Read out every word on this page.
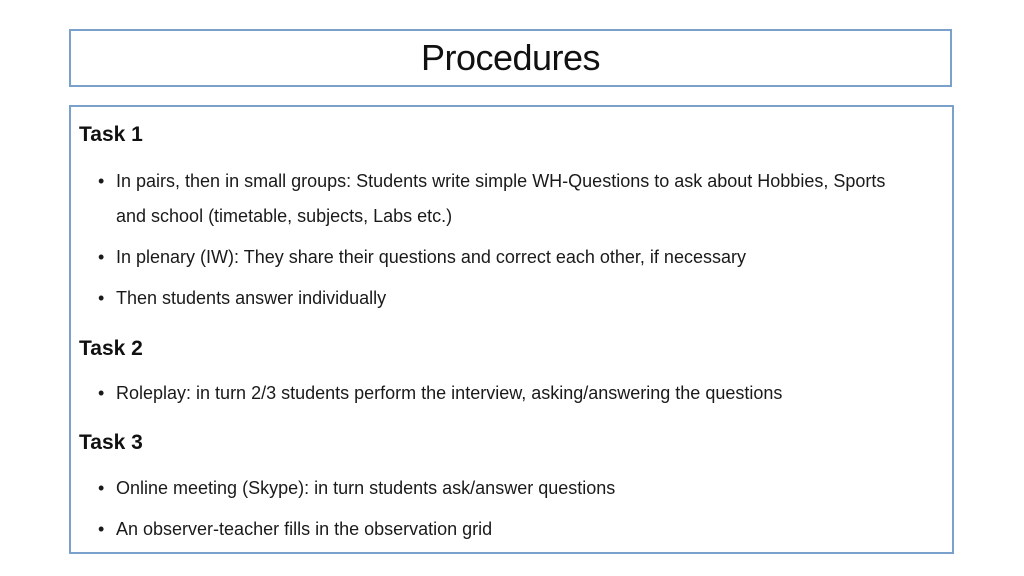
Procedures
Task 1
• In pairs, then in small groups: Students write simple WH-Questions to ask about Hobbies, Sports and school (timetable, subjects, Labs etc.)
• In plenary (IW): They share their questions and correct each other, if necessary
• Then students answer individually
Task 2
• Roleplay: in turn 2/3 students perform the interview, asking/answering the questions
Task 3
• Online meeting (Skype): in turn students ask/answer questions
• An observer-teacher fills in the observation grid
